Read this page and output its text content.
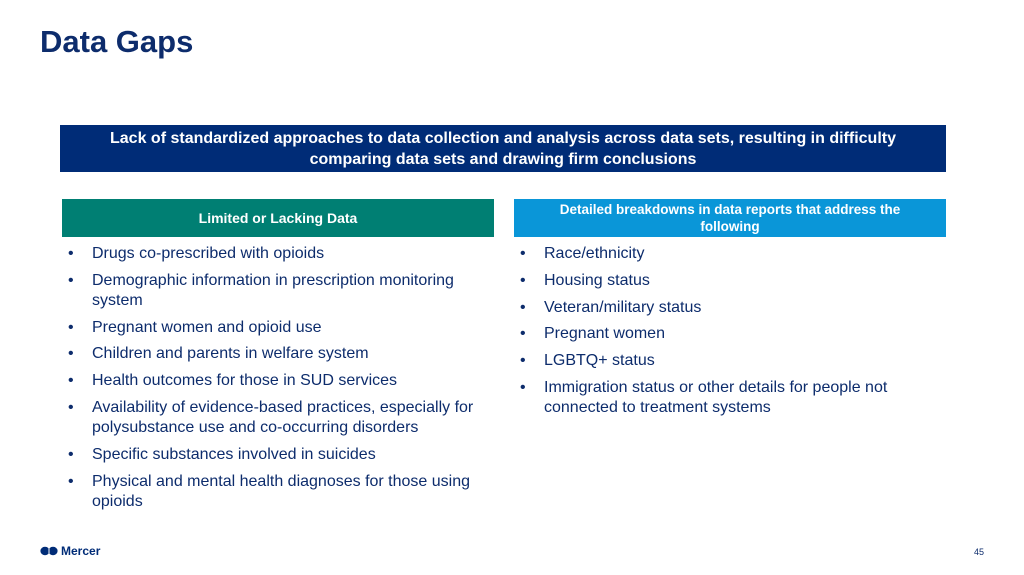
Data Gaps
Lack of standardized approaches to data collection and analysis across data sets, resulting in difficulty comparing data sets and drawing firm conclusions
Limited or Lacking Data	Detailed breakdowns in data reports that address the following
• Drugs co-prescribed with opioids
• Demographic information in prescription monitoring system
• Pregnant women and opioid use
• Children and parents in welfare system
• Health outcomes for those in SUD services
• Availability of evidence-based practices, especially for polysubstance use and co-occurring disorders
• Specific substances involved in suicides
• Physical and mental health diagnoses for those using opioids
• Race/ethnicity
• Housing status
• Veteran/military status
• Pregnant women
• LGBTQ+ status
• Immigration status or other details for people not connected to treatment systems
Mercer	45
